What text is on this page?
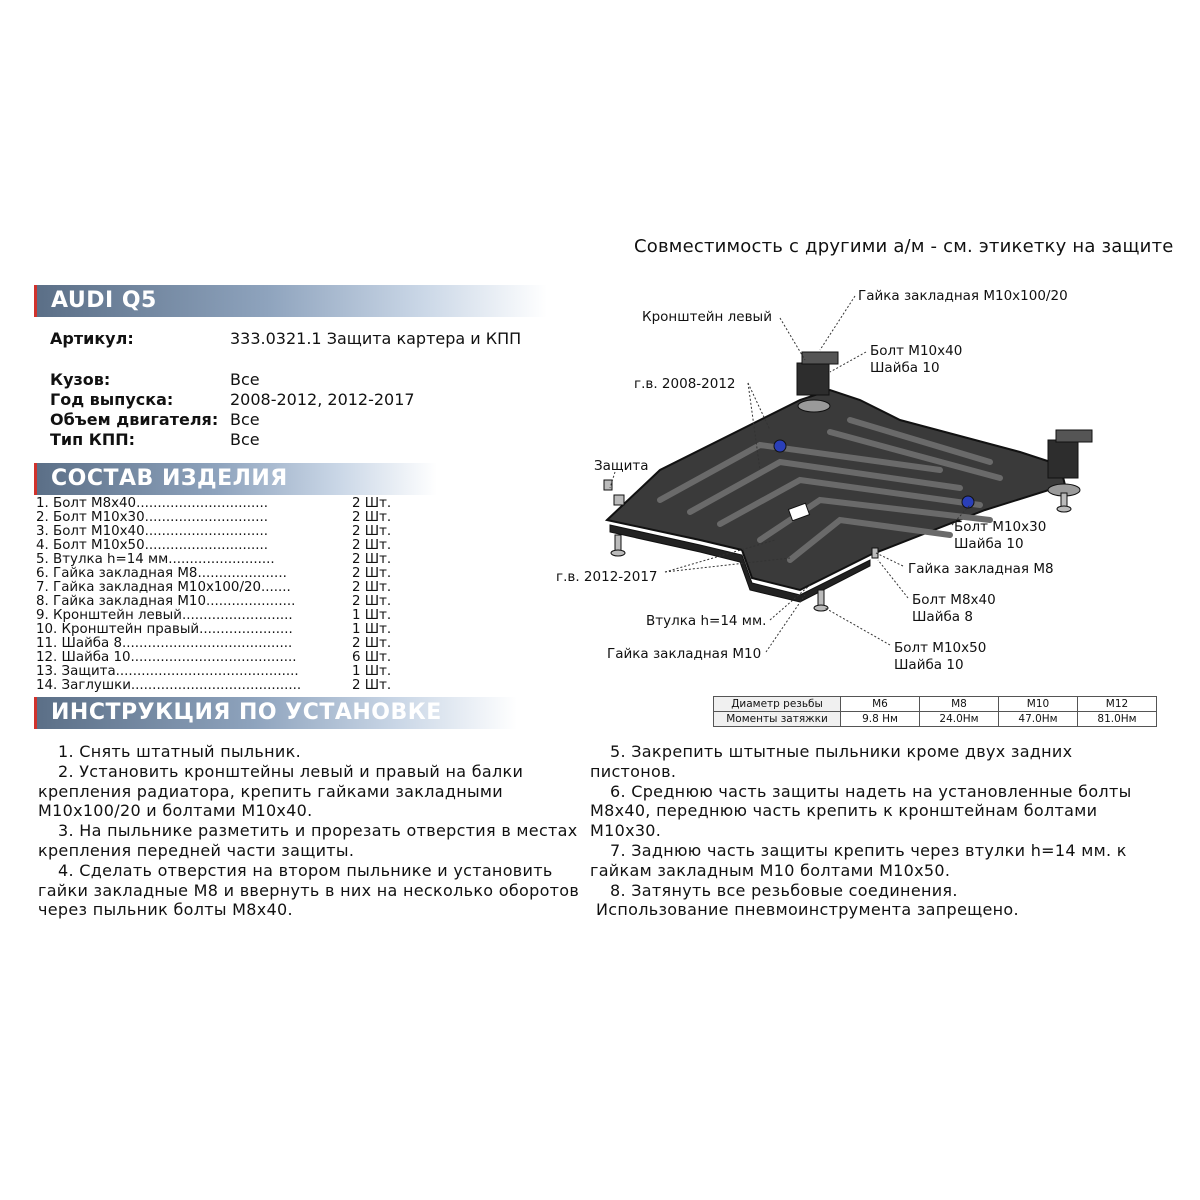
Совместимость с другими а/м - см. этикетку на защите
AUDI Q5
Артикул:	333.0321.1 Защита картера и КПП
Кузов:	Все
Год выпуска:	2008-2012, 2012-2017
Объем двигателя: Все
Тип КПП:	Все
СОСТАВ ИЗДЕЛИЯ
1. Болт М8х40...............................	2 Шт.
2. Болт М10х30.............................	2 Шт.
3. Болт М10х40.............................	2 Шт.
4. Болт М10х50.............................	2 Шт.
5. Втулка h=14 мм.........................	2 Шт.
6. Гайка закладная М8.....................	2 Шт.
7. Гайка закладная М10х100/20.......	2 Шт.
8. Гайка закладная М10.....................	2 Шт.
9. Кронштейн левый..........................	1 Шт.
10. Кронштейн правый......................	1 Шт.
11. Шайба 8........................................	2 Шт.
12. Шайба 10.......................................	6 Шт.
13. Защита...........................................	1 Шт.
14. Заглушки........................................	2 Шт.
ИНСТРУКЦИЯ ПО УСТАНОВКЕ

1. Снять штатный пыльник.

2. Установить кронштейны левый и правый на балки крепления радиатора, крепить гайками закладными М10х100/20 и болтами М10х40.

3. На пыльнике разметить и прорезать отверстия в местах крепления передней части защиты.

4. Сделать отверстия на втором пыльнике и установить гайки закладные М8 и ввернуть в них на несколько оборотов через пыльник болты М8х40.

5. Закрепить штытные пыльники кроме двух задних пистонов.

6. Среднюю часть защиты надеть на установленные болты М8х40, переднюю часть крепить к кронштейнам болтами М10х30.

7. Заднюю часть защиты крепить через втулки h=14 мм. к гайкам закладным М10 болтами М10х50.

8. Затянуть все резьбовые соединения.

Использование пневмоинструмента запрещено.

Гайка закладная М10х100/20
Кронштейн левый
Болт М10х40
Шайба 10
г.в. 2008-2012
Защита
Болт М10х30
Шайба 10
Гайка закладная М8
г.в. 2012-2017
Болт М8х40
Шайба 8
Втулка h=14 мм.
Болт М10х50
Шайба 10
Гайка закладная М10
Диаметр резьбы	М6	М8	М10	М12
Моменты затяжки	9.8 Нм	24.0Нм	47.0Нм	81.0Нм
